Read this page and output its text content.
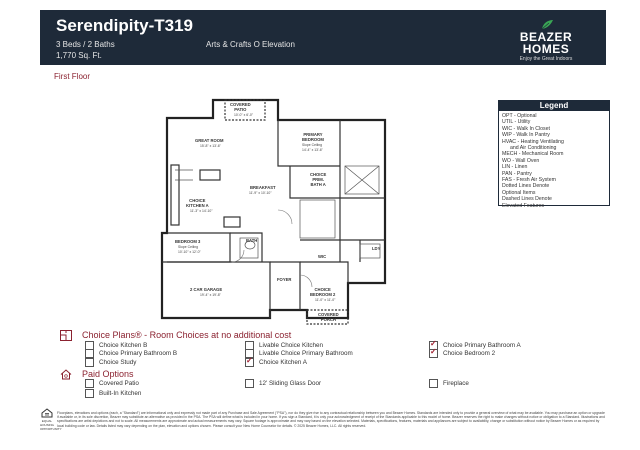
Serendipity-T319
3 Beds / 2 Baths
1,770 Sq. Ft.
Arts & Crafts O Elevation
BEAZER
HOMES
Enjoy the Great Indoors
First Floor
COVERED
PATIO
10'-0" x 6'-0"
GREAT ROOM
15'-8" x 13'-6"
PRIMARY
BEDROOM
Slope Ceiling
14'-4" x 13'-6"
CHOICE
PRIM.
BATH A
BREAKFAST
11'-9" x 10'-10"
CHOICE
KITCHEN A
11'-3" x 14'-10"
BEDROOM 3
Slope Ceiling
10'-10" x 12'-0"
BATH
LDY
WIC
2 CAR GARAGE
19'-4" x 19'-8"
FOYER
CHOICE
BEDROOM 2
11'-0" x 11'-0"
COVERED
PORCH
Legend
OPT - Optional
UTIL - Utility
WIC - Walk In Closet
WIP - Walk In Pantry
HVAC - Heating Ventilating
and Air Conditioning
MECH - Mechanical Room
WO - Wall Oven
LIN - Linen
PAN - Pantry
FAS - Fresh Air System
Dotted Lines Denote
Optional Items
Dashed Lines Denote
Elevated Features
Choice Plans® - Room Choices at no additional cost
Choice Kitchen B	Livable Choice Kitchen ✓	Choice Primary Bathroom A
Choice Primary Bathroom B	Livable Choice Primary Bathroom ✓	Choice Bedroom 2
Choice Study ✓	Choice Kitchen A
Paid Options
Covered Patio	12' Sliding Glass Door	Fireplace
Built-In Kitchen
EQUAL HOUSING OPPORTUNITY
Floorplans, elevations and options (each, a "Standard") are informational only and expressly not made part of any Purchase and Sale Agreement ("PSA"), nor do they give rise to any contractual relationship between you and Beazer Homes. Standards are intended only to provide a general overview of what may be available. You may purchase an option or upgrade if available or, in its sole discretion, Beazer may substitute an alternative as provided in the PSA. The PSA will define what is included in your home. If you sign a Standard, it is only your acknowledgment of receipt of the Standards applicable to this model of home. Beazer reserves the right to make changes without notice or obligation to a Standard. Illustrations and specifications are artist depictions and not to scale. All measurements are approximate and actual measurements may vary. Square footage is approximate and may vary based on the elevation selected. Materials, specifications, features, materials and appliances are subject to availability, change or substitution without notice by Beazer Homes or as required by local building code or law. Details listed may vary depending on the plan, elevation and options chosen. Please consult your New Home Counselor for details. © 2025 Beazer Homes, LLC. All rights reserved.
